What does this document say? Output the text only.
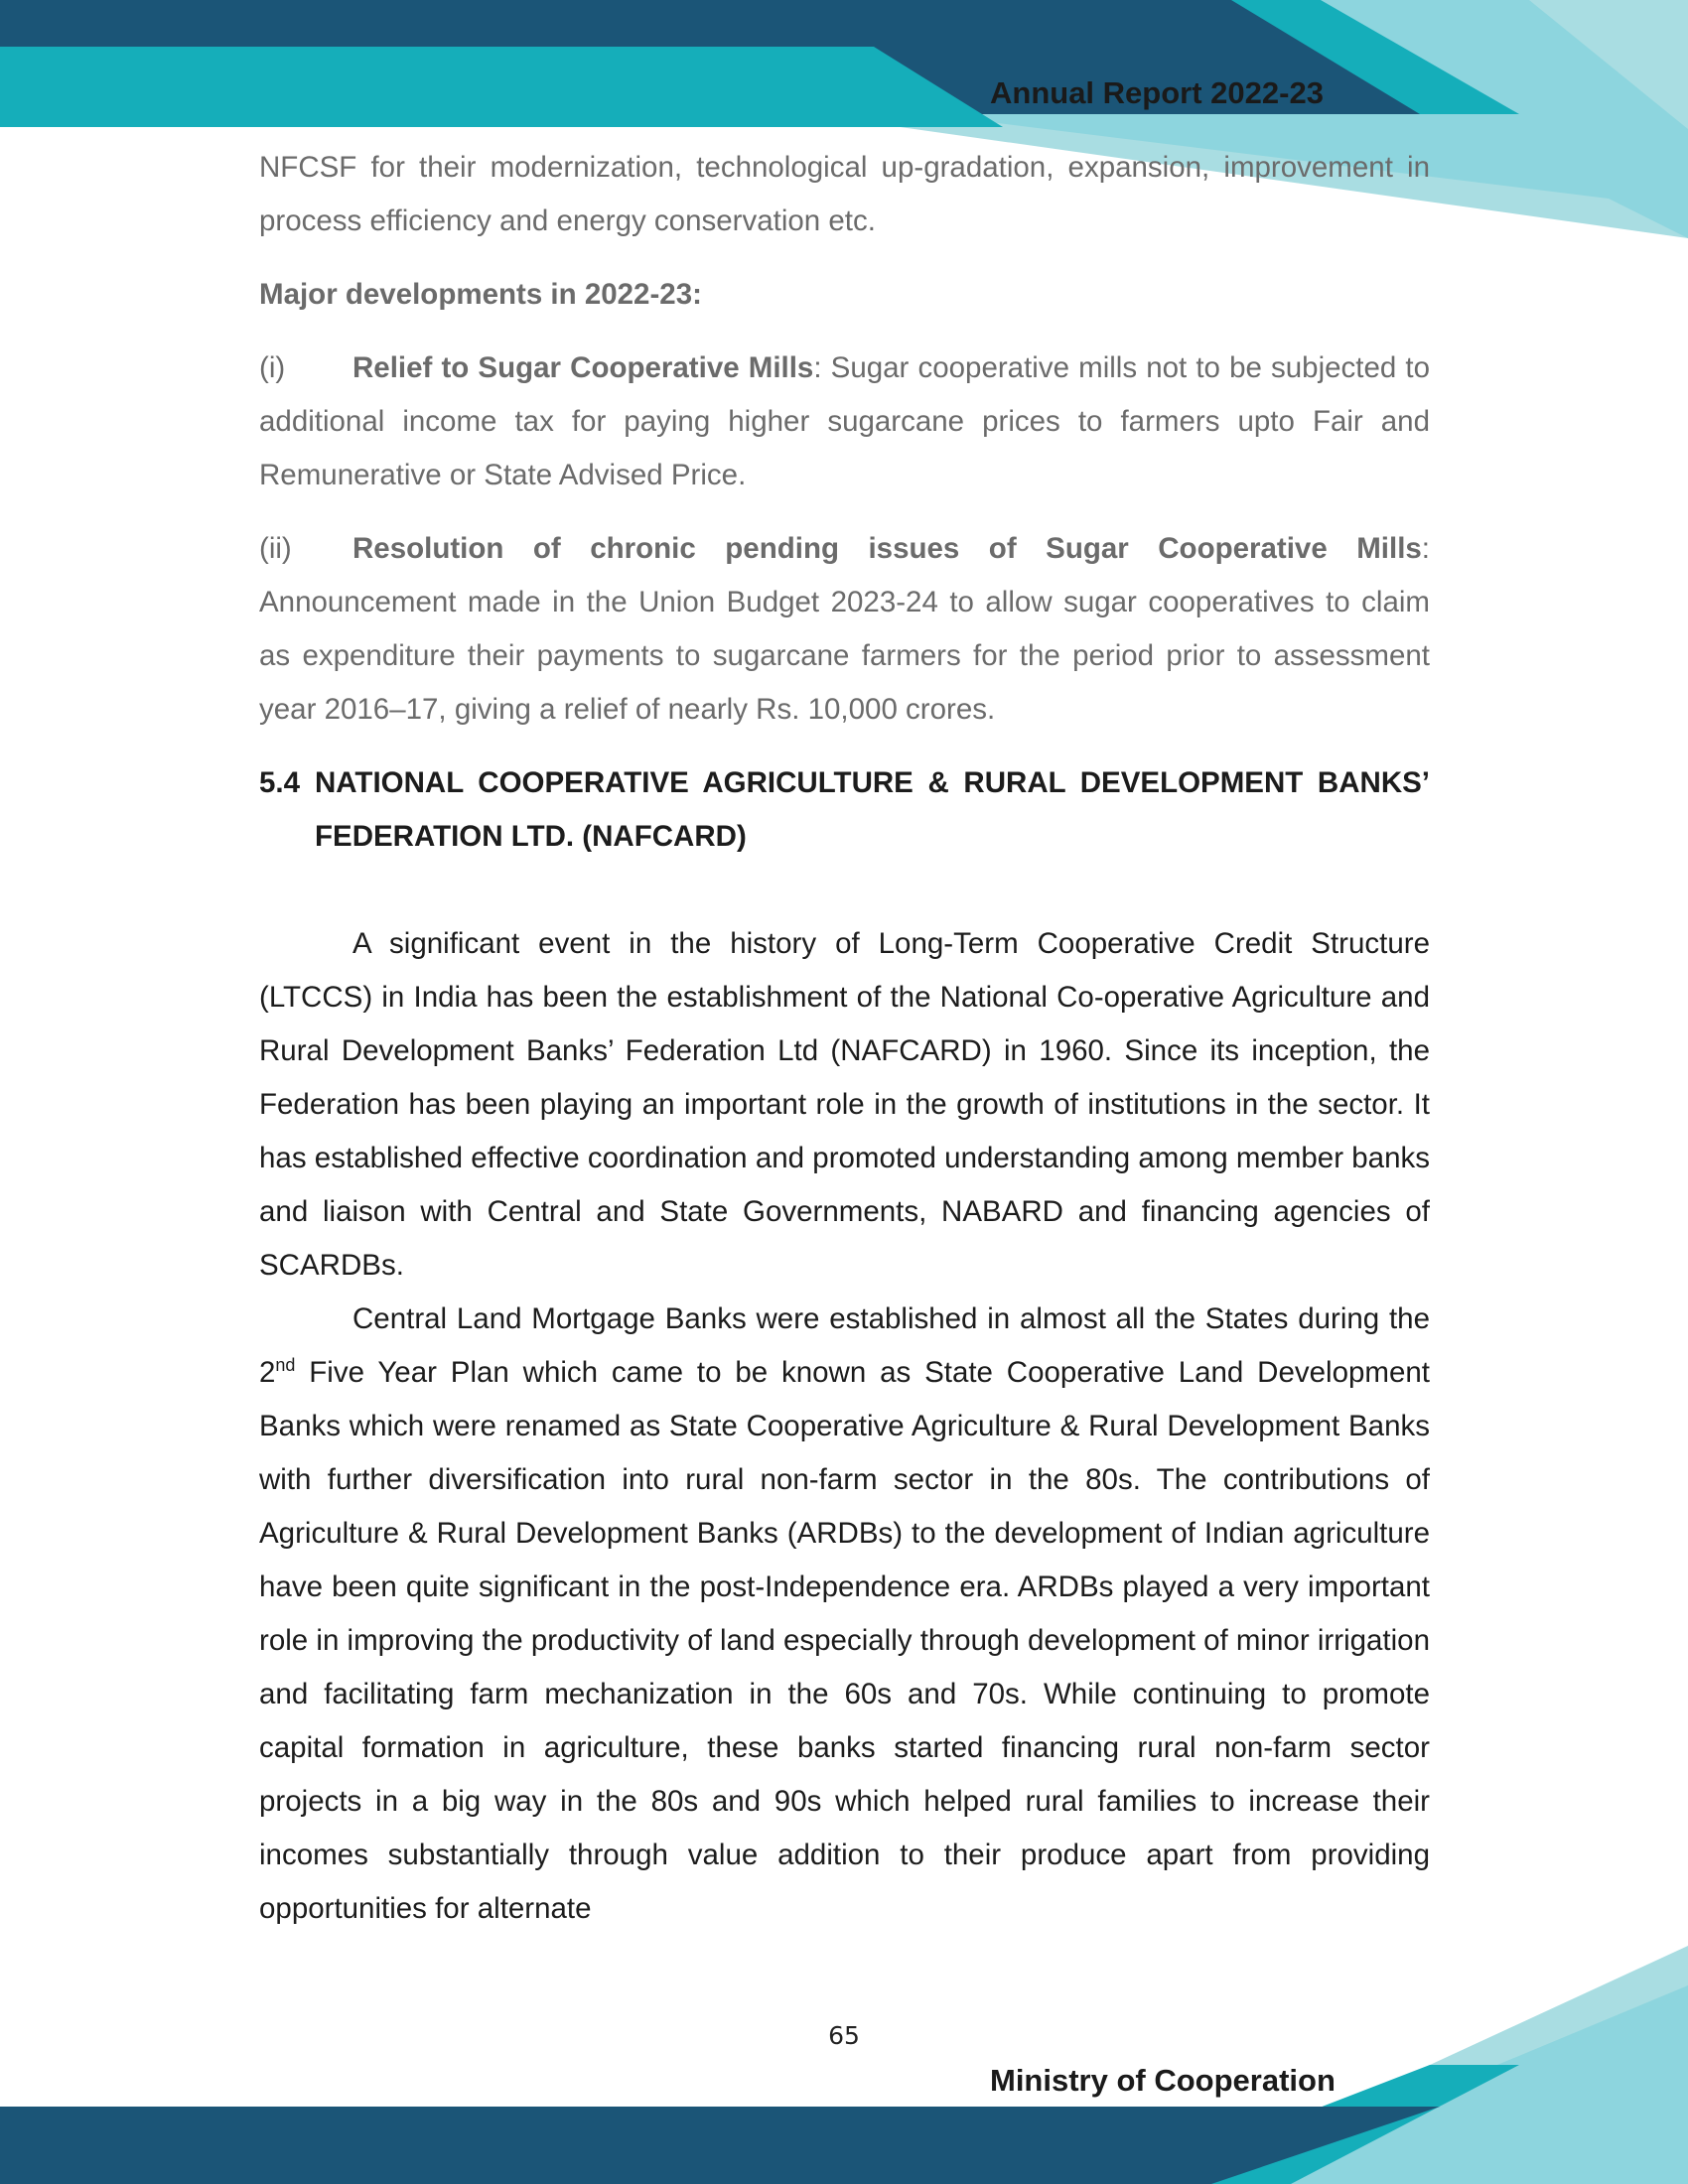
Annual Report 2022-23
Ministry of Cooperation
65

NFCSF for their modernization, technological up-gradation, expansion, improvement in process efficiency and energy conservation etc.

Major developments in 2022-23:

(i) Relief to Sugar Cooperative Mills: Sugar cooperative mills not to be subjected to additional income tax for paying higher sugarcane prices to farmers upto Fair and Remunerative or State Advised Price.

(ii) Resolution of chronic pending issues of Sugar Cooperative Mills: Announcement made in the Union Budget 2023-24 to allow sugar cooperatives to claim as expenditure their payments to sugarcane farmers for the period prior to assessment year 2016–17, giving a relief of nearly Rs. 10,000 crores.

5.4 NATIONAL COOPERATIVE AGRICULTURE & RURAL DEVELOPMENT BANKS’ FEDERATION LTD. (NAFCARD)

A significant event in the history of Long-Term Cooperative Credit Structure (LTCCS) in India has been the establishment of the National Co-operative Agriculture and Rural Development Banks’ Federation Ltd (NAFCARD) in 1960. Since its inception, the Federation has been playing an important role in the growth of institutions in the sector. It has established effective coordination and promoted understanding among member banks and liaison with Central and State Governments, NABARD and financing agencies of SCARDBs.

Central Land Mortgage Banks were established in almost all the States during the 2nd Five Year Plan which came to be known as State Cooperative Land Development Banks which were renamed as State Cooperative Agriculture & Rural Development Banks with further diversification into rural non-farm sector in the 80s. The contributions of Agriculture & Rural Development Banks (ARDBs) to the development of Indian agriculture have been quite significant in the post-Independence era. ARDBs played a very important role in improving the productivity of land especially through development of minor irrigation and facilitating farm mechanization in the 60s and 70s. While continuing to promote capital formation in agriculture, these banks started financing rural non-farm sector projects in a big way in the 80s and 90s which helped rural families to increase their incomes substantially through value addition to their produce apart from providing opportunities for alternate
